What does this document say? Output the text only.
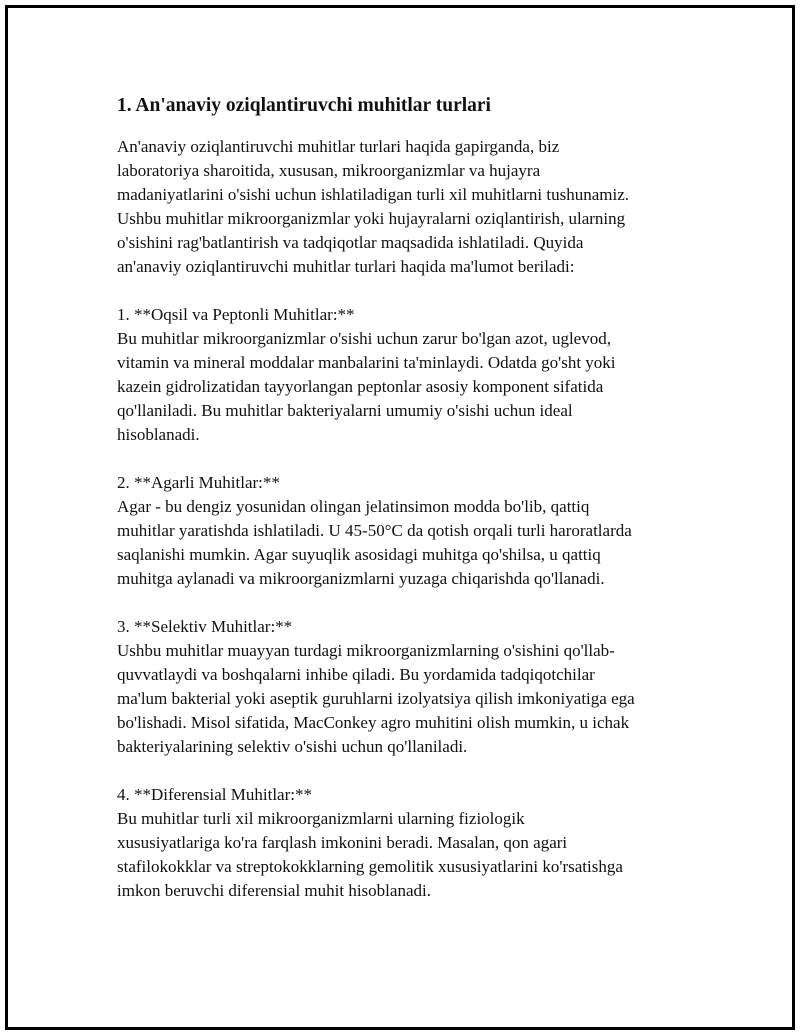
1. An'anaviy oziqlantiruvchi muhitlar turlari

An'anaviy oziqlantiruvchi muhitlar turlari haqida gapirganda, biz
laboratoriya sharoitida, xususan, mikroorganizmlar va hujayra
madaniyatlarini o'sishi uchun ishlatiladigan turli xil muhitlarni tushunamiz.
Ushbu muhitlar mikroorganizmlar yoki hujayralarni oziqlantirish, ularning
o'sishini rag'batlantirish va tadqiqotlar maqsadida ishlatiladi. Quyida
an'anaviy oziqlantiruvchi muhitlar turlari haqida ma'lumot beriladi:

1. **Oqsil va Peptonli Muhitlar:**

Bu muhitlar mikroorganizmlar o'sishi uchun zarur bo'lgan azot, uglevod,
vitamin va mineral moddalar manbalarini ta'minlaydi. Odatda go'sht yoki
kazein gidrolizatidan tayyorlangan peptonlar asosiy komponent sifatida
qo'llaniladi. Bu muhitlar bakteriyalarni umumiy o'sishi uchun ideal
hisoblanadi.

2. **Agarli Muhitlar:**

Agar - bu dengiz yosunidan olingan jelatinsimon modda bo'lib, qattiq
muhitlar yaratishda ishlatiladi. U 45-50°C da qotish orqali turli haroratlarda
saqlanishi mumkin. Agar suyuqlik asosidagi muhitga qo'shilsa, u qattiq
muhitga aylanadi va mikroorganizmlarni yuzaga chiqarishda qo'llanadi.

3. **Selektiv Muhitlar:**

Ushbu muhitlar muayyan turdagi mikroorganizmlarning o'sishini qo'llab-
quvvatlaydi va boshqalarni inhibe qiladi. Bu yordamida tadqiqotchilar
ma'lum bakterial yoki aseptik guruhlarni izolyatsiya qilish imkoniyatiga ega
bo'lishadi. Misol sifatida, MacConkey agro muhitini olish mumkin, u ichak
bakteriyalarining selektiv o'sishi uchun qo'llaniladi.

4. **Diferensial Muhitlar:**

Bu muhitlar turli xil mikroorganizmlarni ularning fiziologik
xususiyatlariga ko'ra farqlash imkonini beradi. Masalan, qon agari
stafilokokklar va streptokokklarning gemolitik xususiyatlarini ko'rsatishga
imkon beruvchi diferensial muhit hisoblanadi.
